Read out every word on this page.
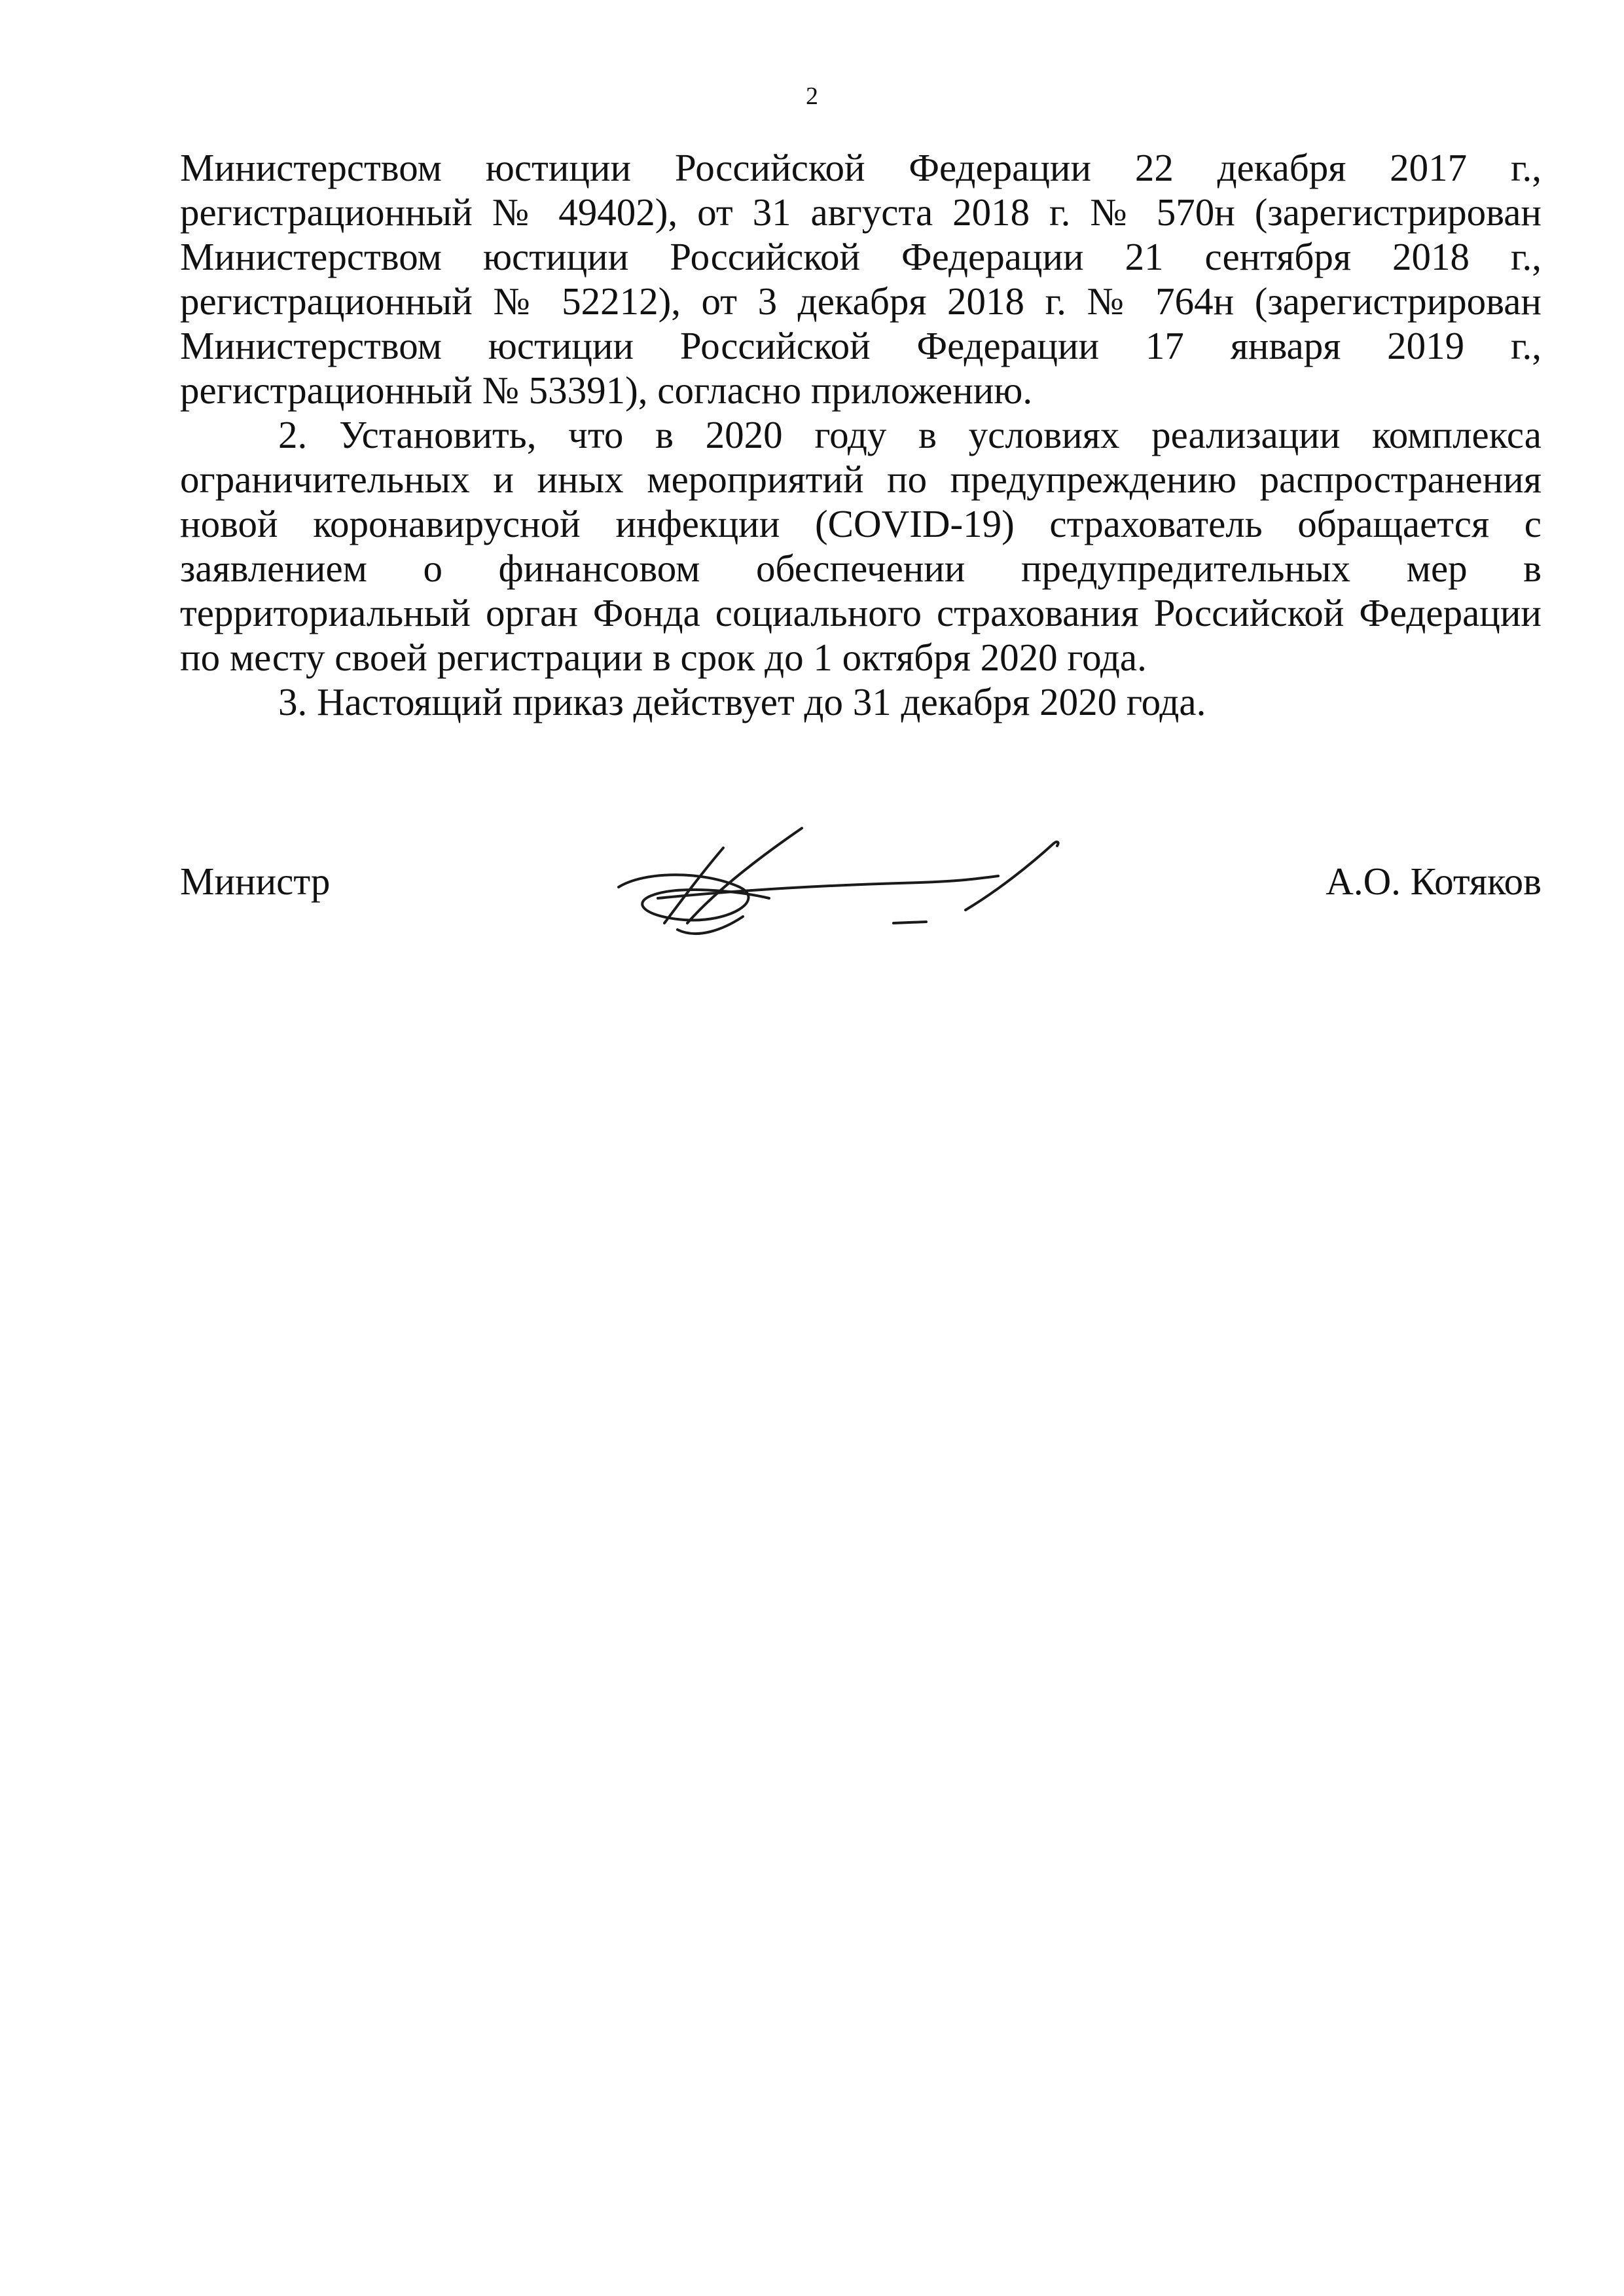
2

Министерством юстиции Российской Федерации 22 декабря 2017 г.,
регистрационный № 49402), от 31 августа 2018 г. № 570н (зарегистрирован
Министерством юстиции Российской Федерации 21 сентября 2018 г.,
регистрационный № 52212), от 3 декабря 2018 г. № 764н (зарегистрирован
Министерством юстиции Российской Федерации 17 января 2019 г.,
регистрационный № 53391), согласно приложению.

2. Установить, что в 2020 году в условиях реализации комплекса
ограничительных и иных мероприятий по предупреждению распространения
новой коронавирусной инфекции (COVID-19) страхователь обращается с
заявлением о финансовом обеспечении предупредительных мер в
территориальный орган Фонда социального страхования Российской Федерации
по месту своей регистрации в срок до 1 октября 2020 года.

3. Настоящий приказ действует до 31 декабря 2020 года.

Министр	А.О. Котяков
